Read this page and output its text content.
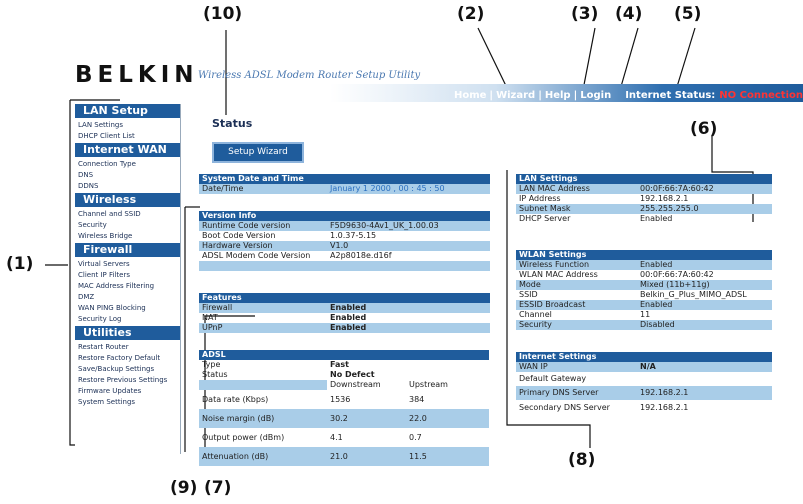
(10)	(2)	(3) (4) (5)
(6)
(1)
(8)
(9) (7)
BELKIN Wireless ADSL Modem Router Setup Utility
Home | Wizard | Help | Login Internet Status: NO Connection
LAN Setup
LAN Settings
DHCP Client List
Internet WAN
Connection Type
DNS
DDNS
Wireless
Channel and SSID
Security
Wireless Bridge
Firewall
Virtual Servers
Client IP Filters
MAC Address Filtering
DMZ
WAN PING Blocking
Security Log
Utilities
Restart Router
Restore Factory Default
Save/Backup Settings
Restore Previous Settings
Firmware Updates
System Settings
Status
Setup Wizard
System Date and Time	
Date/Time	January 1 2000 , 00 : 45 : 50
Version Info	
Runtime Code version	F5D9630-4Av1_UK_1.00.03
Boot Code Version	1.0.37-5.15
Hardware Version	V1.0
ADSL Modem Code Version	A2p8018e.d16f

Features	
Firewall	Enabled
NAT	Enabled
UPnP	Enabled
ADSL		
Type	Fast	
Status	No Defect	
	Downstream	Upstream
Data rate (Kbps)	1536	384
Noise margin (dB)	30.2	22.0
Output power (dBm)	4.1	0.7
Attenuation (dB)	21.0	11.5
LAN Settings	
LAN MAC Address	00:0F:66:7A:60:42
IP Address	192.168.2.1
Subnet Mask	255.255.255.0
DHCP Server	Enabled
WLAN Settings	
Wireless Function	Enabled
WLAN MAC Address	00:0F:66:7A:60:42
Mode	Mixed (11b+11g)
SSID	Belkin_G_Plus_MIMO_ADSL
ESSID Broadcast	Enabled
Channel	11
Security	Disabled
Internet Settings	
WAN IP	N/A
Default Gateway	
Primary DNS Server	192.168.2.1
Secondary DNS Server	192.168.2.1
